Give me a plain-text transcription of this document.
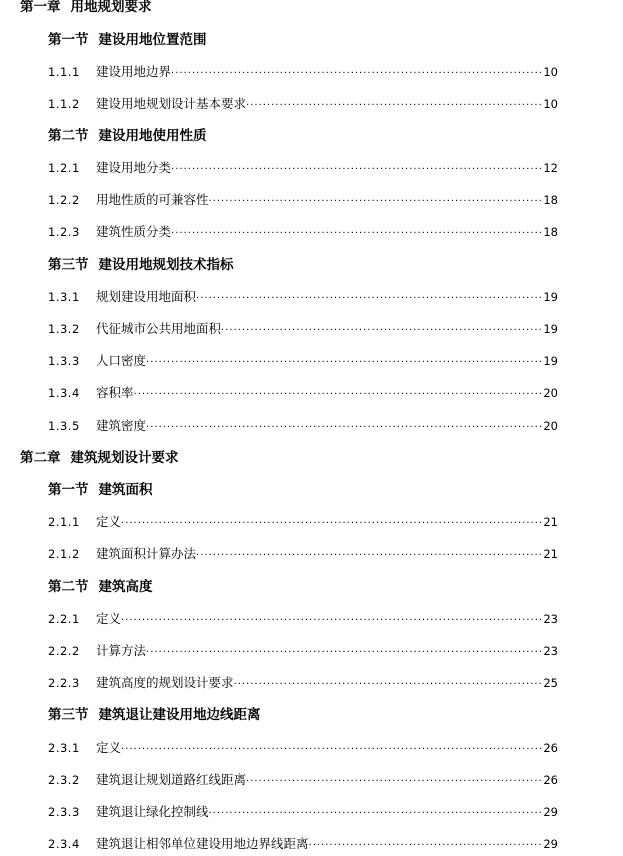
第一章 用地规划要求
第一节 建设用地位置范围
1.1.1	建设用地边界 ·····	10
1.1.2	建设用地规划设计基本要求 ·····	10
第二节 建设用地使用性质
1.2.1	建设用地分类 ·····	12
1.2.2	用地性质的可兼容性 ·····	18
1.2.3	建筑性质分类 ·····	18
第三节 建设用地规划技术指标
1.3.1	规划建设用地面积 ·····	19
1.3.2	代征城市公共用地面积 ·····	19
1.3.3	人口密度 ·····	19
1.3.4	容积率 ·····	20
1.3.5	建筑密度 ·····	20
第二章 建筑规划设计要求
第一节 建筑面积
2.1.1	定义 ·····	21
2.1.2	建筑面积计算办法 ·····	21
第二节 建筑高度
2.2.1	定义 ·····	23
2.2.2	计算方法 ·····	23
2.2.3	建筑高度的规划设计要求 ·····	25
第三节 建筑退让建设用地边线距离
2.3.1	定义 ·····	26
2.3.2	建筑退让规划道路红线距离 ·····	26
2.3.3	建筑退让绿化控制线 ·····	29
2.3.4	建筑退让相邻单位建设用地边界线距离 ·····	29
